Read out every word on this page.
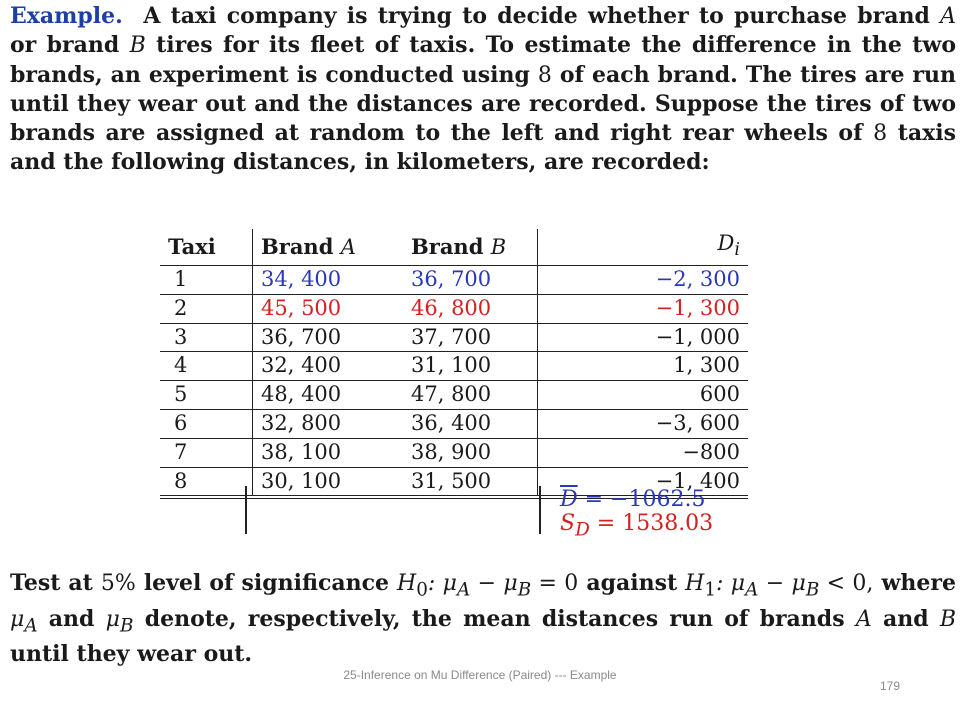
Example. A taxi company is trying to decide whether to purchase brand A or brand B tires for its fleet of taxis. To estimate the difference in the two brands, an experiment is conducted using 8 of each brand. The tires are run until they wear out and the distances are recorded. Suppose the tires of two brands are assigned at random to the left and right rear wheels of 8 taxis and the following distances, in kilometers, are recorded:

Taxi	Brand A	Brand B	$D_i$
1	34, 400	36, 700	−2, 300
2	45, 500	46, 800	−1, 300
3	36, 700	37, 700	−1, 000
4	32, 400	31, 100	1, 300
5	48, 400	47, 800	600
6	32, 800	36, 400	−3, 600
7	38, 100	38, 900	−800
8	30, 100	31, 500	−1, 400
$\overline{D} = -1062.5$
$S_D = 1538.03$

Test at 5% level of significance $H_0$: $\mu_A - \mu_B = 0$ against $H_1$: $\mu_A - \mu_B < 0$, where $\mu_A$ and $\mu_B$ denote, respectively, the mean distances run of brands A and B until they wear out.

25-Inference on Mu Difference (Paired) --- Example
179
